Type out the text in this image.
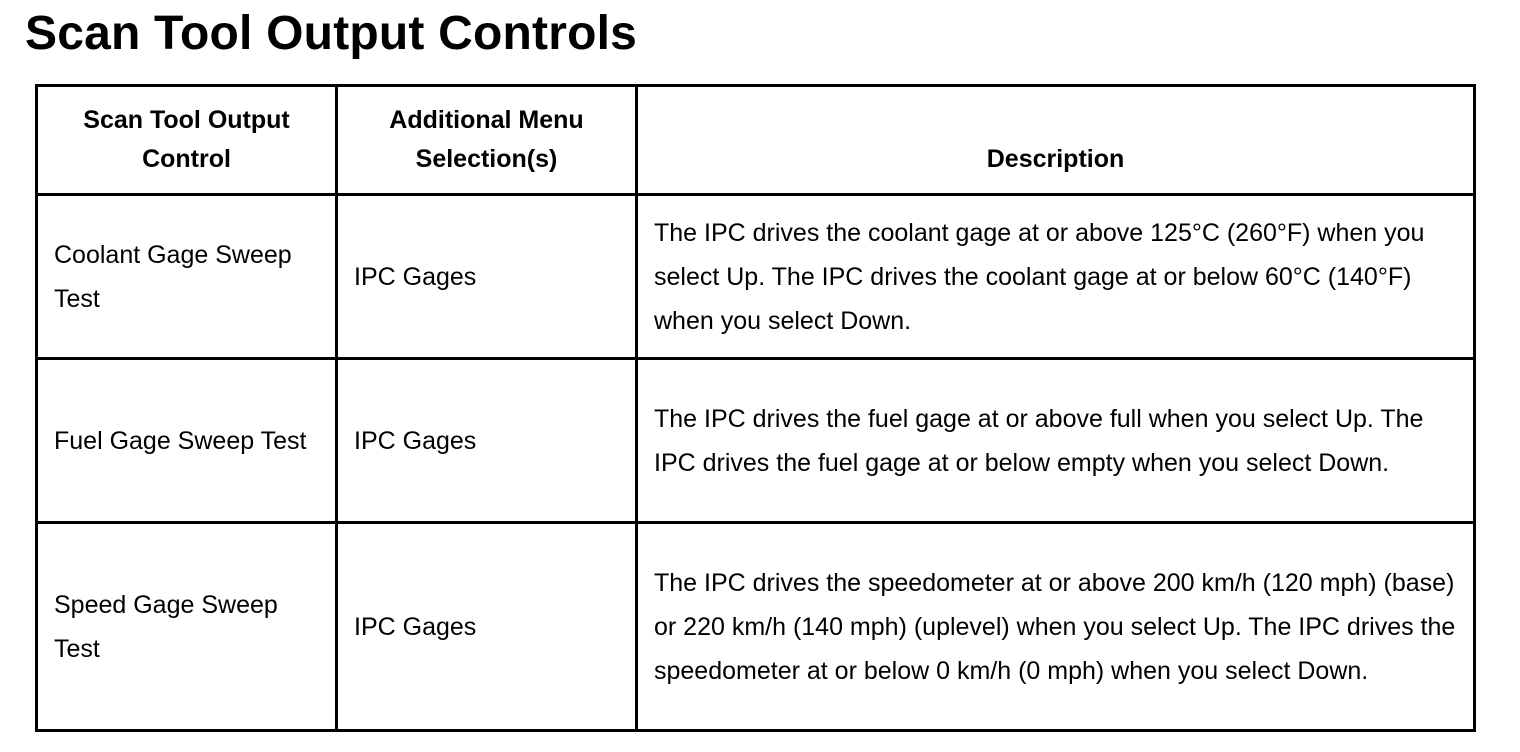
Scan Tool Output Controls
Scan Tool Output Control	Additional Menu Selection(s)	Description
Coolant Gage Sweep Test	IPC Gages	The IPC drives the coolant gage at or above 125°C (260°F) when you select Up. The IPC drives the coolant gage at or below 60°C (140°F) when you select Down.
Fuel Gage Sweep Test	IPC Gages	The IPC drives the fuel gage at or above full when you select Up. The IPC drives the fuel gage at or below empty when you select Down.
Speed Gage Sweep Test	IPC Gages	The IPC drives the speedometer at or above 200 km/h (120 mph) (base) or 220 km/h (140 mph) (uplevel) when you select Up. The IPC drives the speedometer at or below 0 km/h (0 mph) when you select Down.
